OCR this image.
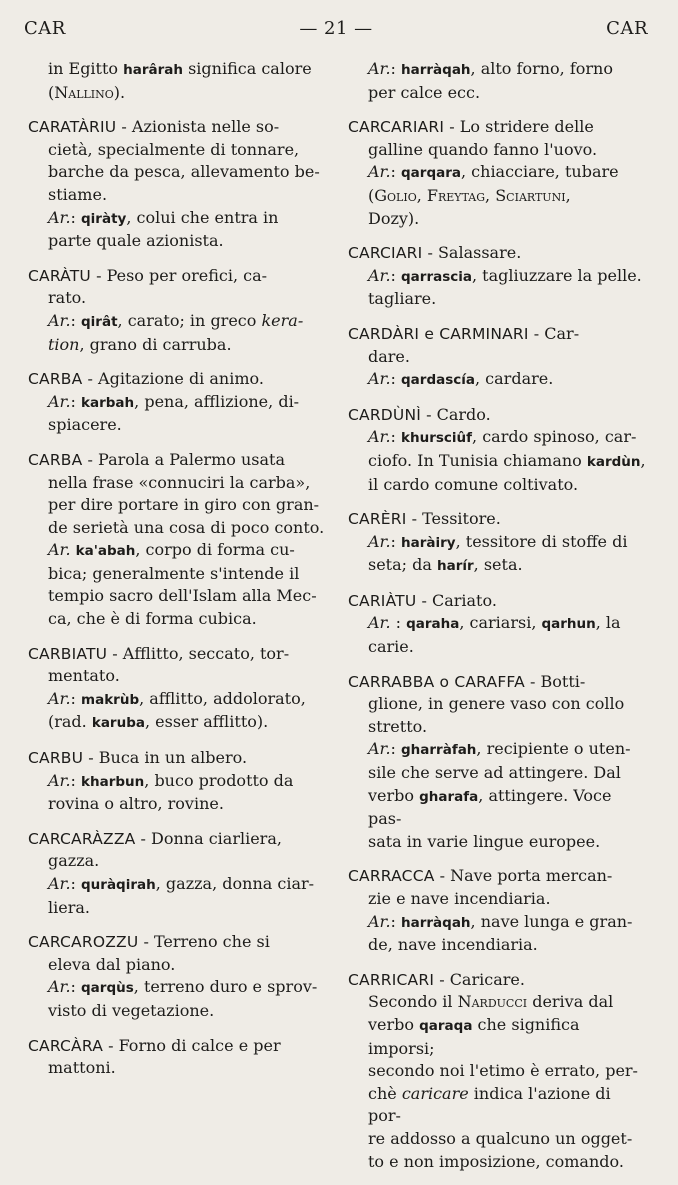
CAR	— 21 —	CAR
in Egitto harârah significa calore
(Nallino).
CARATÀRIU - Azionista nelle so-
cietà, specialmente di tonnare,
barche da pesca, allevamento be-
stiame.
Ar.: qiràty, colui che entra in
parte quale azionista.
CARÀTU - Peso per orefici, ca-
rato.
Ar.: qirât, carato; in greco kera-
tion, grano di carruba.
CARBA - Agitazione di animo.
Ar.: karbah, pena, afflizione, di-
spiacere.
CARBA - Parola a Palermo usata
nella frase «connuciri la carba»,
per dire portare in giro con gran-
de serietà una cosa di poco conto.
Ar. ka'abah, corpo di forma cu-
bica; generalmente s'intende il
tempio sacro dell'Islam alla Mec-
ca, che è di forma cubica.
CARBIATU - Afflitto, seccato, tor-
mentato.
Ar.: makrùb, afflitto, addolorato,
(rad. karuba, esser afflitto).
CARBU - Buca in un albero.
Ar.: kharbun, buco prodotto da
rovina o altro, rovine.
CARCARÀZZA - Donna ciarliera,
gazza.
Ar.: quràqirah, gazza, donna ciar-
liera.
CARCAROZZU - Terreno che si
eleva dal piano.
Ar.: qarqùs, terreno duro e sprov-
visto di vegetazione.
CARCÀRA - Forno di calce e per
mattoni.
Ar.: harràqah, alto forno, forno
per calce ecc.
CARCARIARI - Lo stridere delle
galline quando fanno l'uovo.
Ar.: qarqara, chiacciare, tubare
(Golio, Freytag, Sciartuni,
Dozy).
CARCIARI - Salassare.
Ar.: qarrascia, tagliuzzare la pelle.
tagliare.
CARDÀRI e CARMINARI - Car-
dare.
Ar.: qardascía, cardare.
CARDÙNÌ - Cardo.
Ar.: khursciûf, cardo spinoso, car-
ciofo. In Tunisia chiamano kardùn,
il cardo comune coltivato.
CARÈRI - Tessitore.
Ar.: haràiry, tessitore di stoffe di
seta; da harír, seta.
CARIÀTU - Cariato.
Ar. : qaraha, cariarsi, qarhun, la
carie.
CARRABBA o CARAFFA - Botti-
glione, in genere vaso con collo
stretto.
Ar.: gharràfah, recipiente o uten-
sile che serve ad attingere. Dal
verbo gharafa, attingere. Voce pas-
sata in varie lingue europee.
CARRACCA - Nave porta mercan-
zie e nave incendiaria.
Ar.: harràqah, nave lunga e gran-
de, nave incendiaria.
CARRICARI - Caricare.
Secondo il Narducci deriva dal
verbo qaraqa che significa imporsi;
secondo noi l'etimo è errato, per-
chè caricare indica l'azione di por-
re addosso a qualcuno un ogget-
to e non imposizione, comando.
